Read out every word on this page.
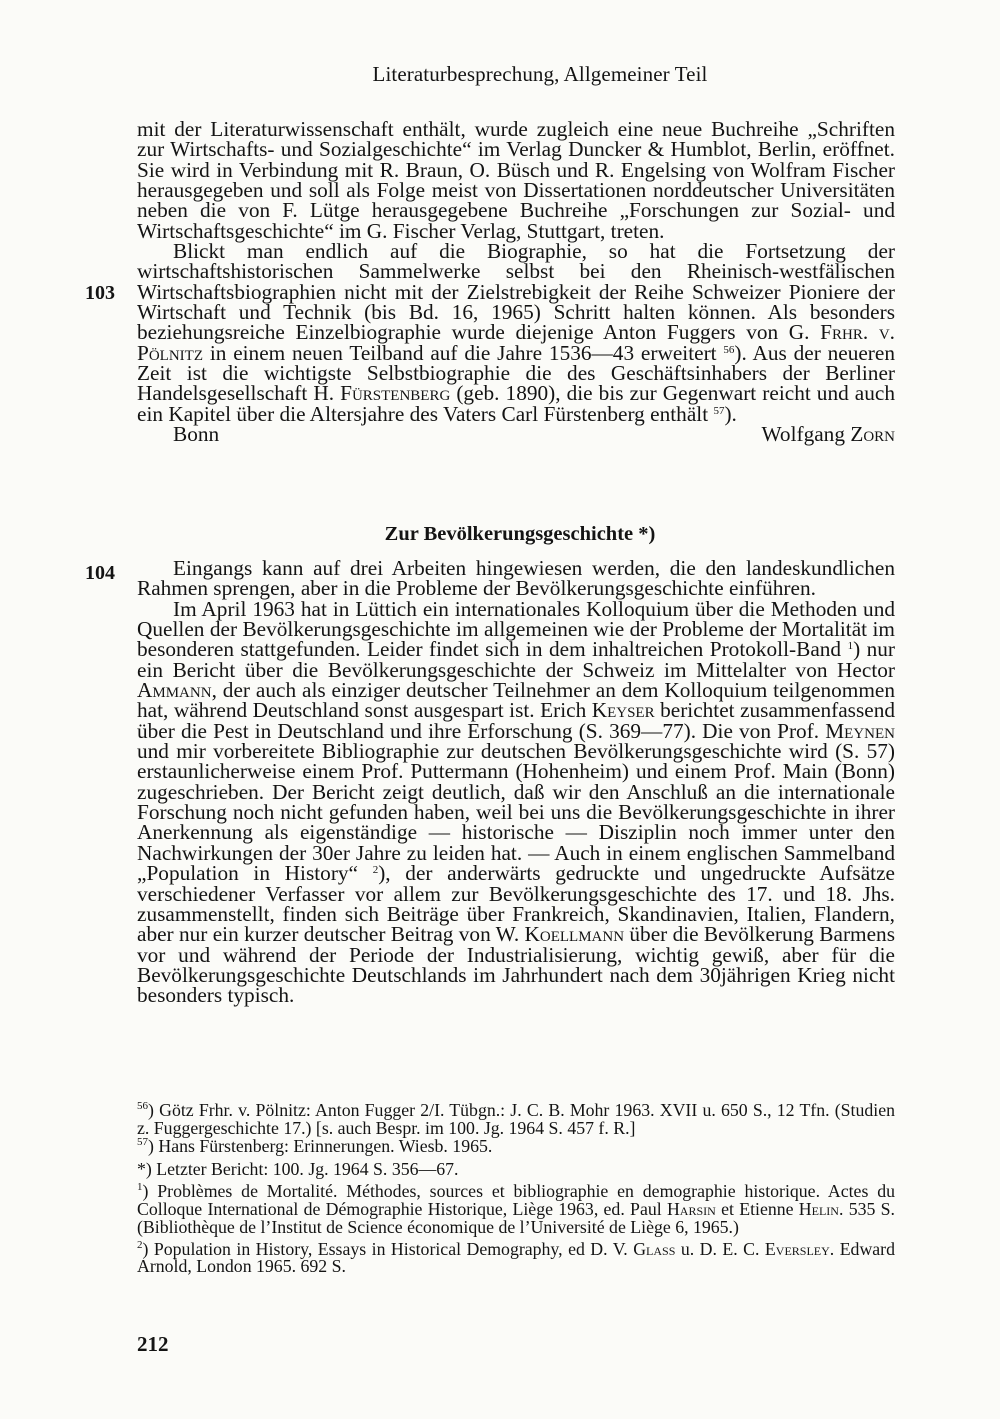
Literaturbesprechung, Allgemeiner Teil

mit der Literaturwissenschaft enthält, wurde zugleich eine neue Buchreihe „Schriften zur Wirtschafts- und Sozialgeschichte“ im Verlag Duncker & Humblot, Berlin, eröffnet. Sie wird in Verbindung mit R. Braun, O. Büsch und R. Engelsing von Wolfram Fischer herausgegeben und soll als Folge meist von Dissertationen norddeutscher Universitäten neben die von F. Lütge herausgegebene Buchreihe „Forschungen zur Sozial- und Wirtschaftsgeschichte“ im G. Fischer Verlag, Stuttgart, treten.

Blickt man endlich auf die Biographie, so hat die Fortsetzung der wirtschaftshistorischen Sammelwerke selbst bei den Rheinisch-westfälischen Wirtschaftsbiographien nicht mit der Zielstrebigkeit der Reihe Schweizer Pioniere der Wirtschaft und Technik (bis Bd. 16, 1965) Schritt halten können. Als besonders beziehungsreiche Einzelbiographie wurde diejenige Anton Fuggers von G. Frhr. v. Pölnitz in einem neuen Teilband auf die Jahre 1536—43 erweitert $^{56}$). Aus der neueren Zeit ist die wichtigste Selbstbiographie die des Geschäftsinhabers der Berliner Handelsgesellschaft H. Fürstenberg (geb. 1890), die bis zur Gegenwart reicht und auch ein Kapitel über die Altersjahre des Vaters Carl Fürstenberg enthält $^{57}$).

Bonn	Wolfgang Zorn
103
Zur Bevölkerungsgeschichte *)
104	Eingangs kann auf drei Arbeiten hingewiesen werden, die den landeskundlichen Rahmen sprengen, aber in die Probleme der Bevölkerungsgeschichte einführen.

Im April 1963 hat in Lüttich ein internationales Kolloquium über die Methoden und Quellen der Bevölkerungsgeschichte im allgemeinen wie der Probleme der Mortalität im besonderen stattgefunden. Leider findet sich in dem inhaltreichen Protokoll-Band $^1$) nur ein Bericht über die Bevölkerungsgeschichte der Schweiz im Mittelalter von Hector Ammann, der auch als einziger deutscher Teilnehmer an dem Kolloquium teilgenommen hat, während Deutschland sonst ausgespart ist. Erich Keyser berichtet zusammenfassend über die Pest in Deutschland und ihre Erforschung (S. 369—77). Die von Prof. Meynen und mir vorbereitete Bibliographie zur deutschen Bevölkerungsgeschichte wird (S. 57) erstaunlicherweise einem Prof. Puttermann (Hohenheim) und einem Prof. Main (Bonn) zugeschrieben. Der Bericht zeigt deutlich, daß wir den Anschluß an die internationale Forschung noch nicht gefunden haben, weil bei uns die Bevölkerungsgeschichte in ihrer Anerkennung als eigenständige — historische — Disziplin noch immer unter den Nachwirkungen der 30er Jahre zu leiden hat. — Auch in einem englischen Sammelband „Population in History“ $^2$), der anderwärts gedruckte und ungedruckte Aufsätze verschiedener Verfasser vor allem zur Bevölkerungsgeschichte des 17. und 18. Jhs. zusammenstellt, finden sich Beiträge über Frankreich, Skandinavien, Italien, Flandern, aber nur ein kurzer deutscher Beitrag von W. Koellmann über die Bevölkerung Barmens vor und während der Periode der Industrialisierung, wichtig gewiß, aber für die Bevölkerungsgeschichte Deutschlands im Jahrhundert nach dem 30jährigen Krieg nicht besonders typisch.

$^{56}$) Götz Frhr. v. Pölnitz: Anton Fugger 2/I. Tübgn.: J. C. B. Mohr 1963. XVII u. 650 S., 12 Tfn. (Studien z. Fuggergeschichte 17.) [s. auch Bespr. im 100. Jg. 1964 S. 457 f. R.]

$^{57}$) Hans Fürstenberg: Erinnerungen. Wiesb. 1965.

*) Letzter Bericht: 100. Jg. 1964 S. 356—67.

$^1$) Problèmes de Mortalité. Méthodes, sources et bibliographie en demographie historique. Actes du Colloque International de Démographie Historique, Liège 1963, ed. Paul Harsin et Etienne Helin. 535 S. (Bibliothèque de l’Institut de Science économique de l’Université de Liège 6, 1965.)

$^2$) Population in History, Essays in Historical Demography, ed D. V. Glass u. D. E. C. Eversley. Edward Arnold, London 1965. 692 S.

212
